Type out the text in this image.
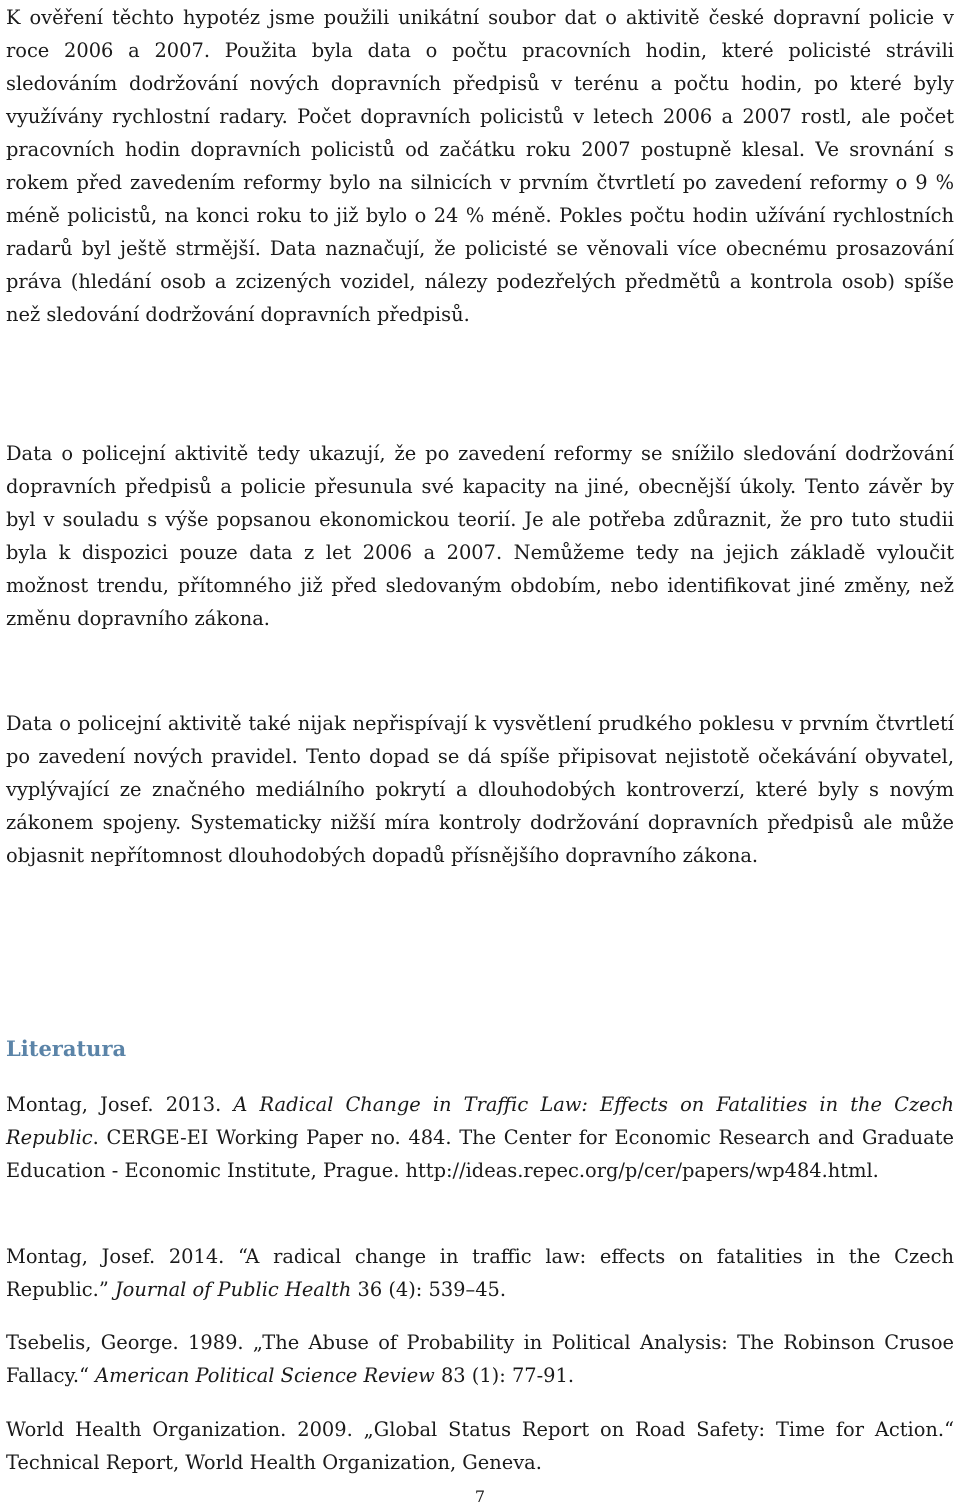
K ověření těchto hypotéz jsme použili unikátní soubor dat o aktivitě české dopravní policie v roce 2006 a 2007. Použita byla data o počtu pracovních hodin, které policisté strávili sledováním dodržování nových dopravních předpisů v terénu a počtu hodin, po které byly využívány rychlostní radary. Počet dopravních policistů v letech 2006 a 2007 rostl, ale počet pracovních hodin dopravních policistů od začátku roku 2007 postupně klesal. Ve srovnání s rokem před zavedením reformy bylo na silnicích v prvním čtvrtletí po zavedení reformy o 9 % méně policistů, na konci roku to již bylo o 24 % méně. Pokles počtu hodin užívání rychlostních radarů byl ještě strmější. Data naznačují, že policisté se věnovali více obecnému prosazování práva (hledání osob a zcizených vozidel, nálezy podezřelých předmětů a kontrola osob) spíše než sledování dodržování dopravních předpisů.

Data o policejní aktivitě tedy ukazují, že po zavedení reformy se snížilo sledování dodržování dopravních předpisů a policie přesunula své kapacity na jiné, obecnější úkoly. Tento závěr by byl v souladu s výše popsanou ekonomickou teorií. Je ale potřeba zdůraznit, že pro tuto studii byla k dispozici pouze data z let 2006 a 2007. Nemůžeme tedy na jejich základě vyloučit možnost trendu, přítomného již před sledovaným obdobím, nebo identifikovat jiné změny, než změnu dopravního zákona.

Data o policejní aktivitě také nijak nepřispívají k vysvětlení prudkého poklesu v prvním čtvrtletí po zavedení nových pravidel. Tento dopad se dá spíše připisovat nejistotě očekávání obyvatel, vyplývající ze značného mediálního pokrytí a dlouhodobých kontroverzí, které byly s novým zákonem spojeny. Systematicky nižší míra kontroly dodržování dopravních předpisů ale může objasnit nepřítomnost dlouhodobých dopadů přísnějšího dopravního zákona.

Literatura

Montag, Josef. 2013. A Radical Change in Traffic Law: Effects on Fatalities in the Czech Republic. CERGE-EI Working Paper no. 484. The Center for Economic Research and Graduate Education - Economic Institute, Prague. http://ideas.repec.org/p/cer/papers/wp484.html.

Montag, Josef. 2014. “A radical change in traffic law: effects on fatalities in the Czech Republic.” Journal of Public Health 36 (4): 539–45.

Tsebelis, George. 1989. „The Abuse of Probability in Political Analysis: The Robinson Crusoe Fallacy.“ American Political Science Review 83 (1): 77-91.

World Health Organization. 2009. „Global Status Report on Road Safety: Time for Action.“ Technical Report, World Health Organization, Geneva.

7
